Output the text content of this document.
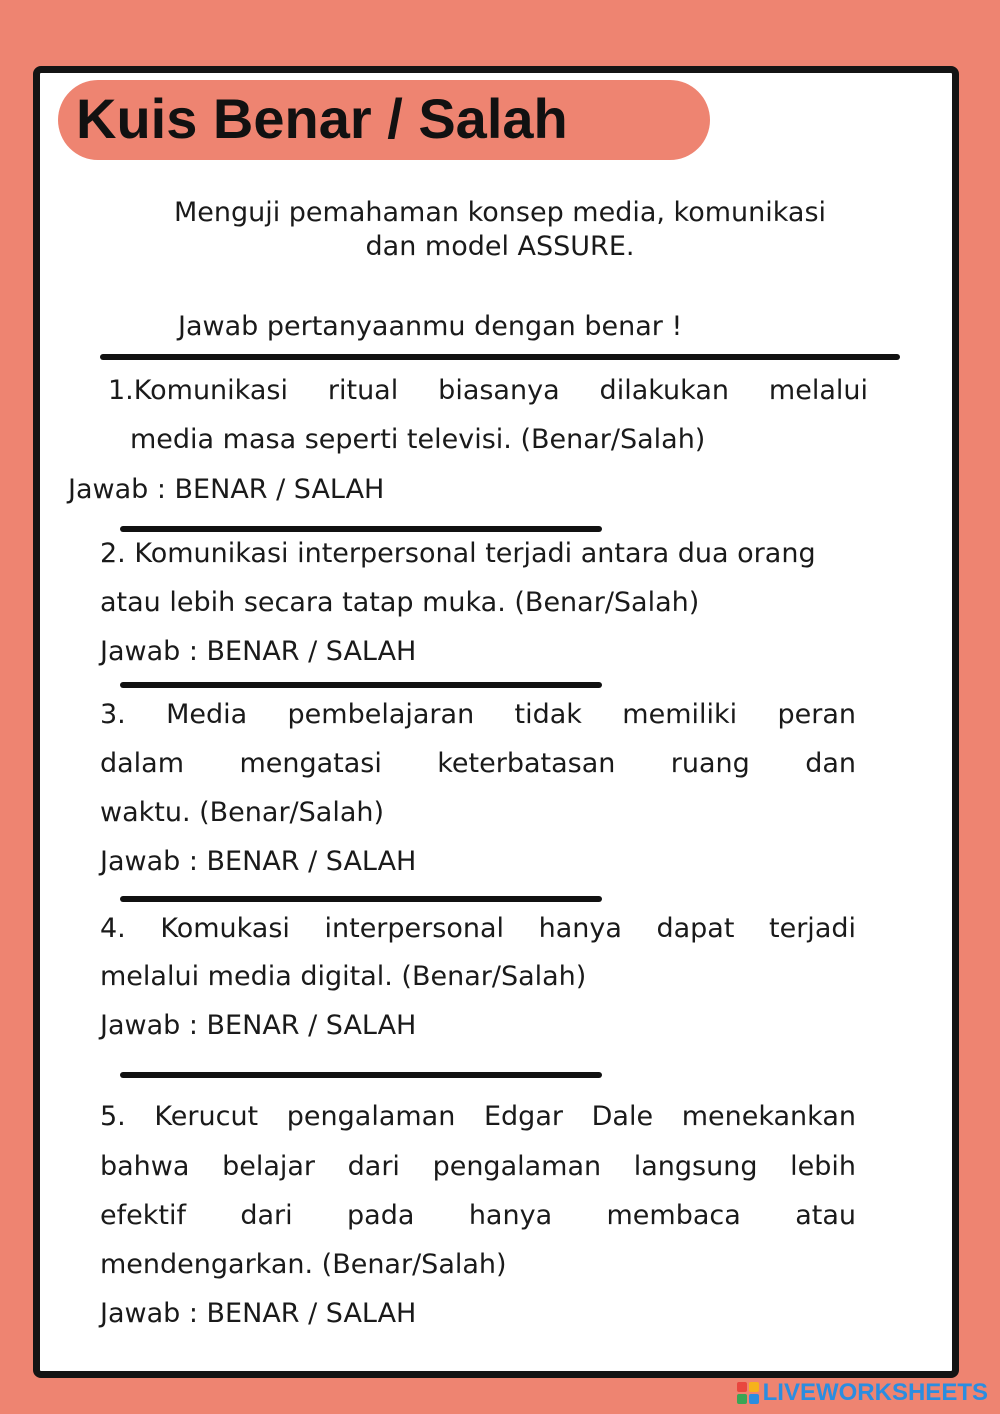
Kuis Benar / Salah
Menguji pemahaman konsep media, komunikasi
dan model ASSURE.
Jawab pertanyaanmu dengan benar !
1.Komunikasi ritual biasanya dilakukan melalui
media masa seperti televisi. (Benar/Salah)
Jawab : BENAR / SALAH
2. Komunikasi interpersonal terjadi antara dua orang
atau lebih secara tatap muka. (Benar/Salah)
Jawab : BENAR / SALAH
3. Media pembelajaran tidak memiliki peran
dalam mengatasi keterbatasan ruang dan
waktu. (Benar/Salah)
Jawab : BENAR / SALAH
4. Komukasi interpersonal hanya dapat terjadi
melalui media digital. (Benar/Salah)
Jawab : BENAR / SALAH
5. Kerucut pengalaman Edgar Dale menekankan
bahwa belajar dari pengalaman langsung lebih
efektif dari pada hanya membaca atau
mendengarkan. (Benar/Salah)
Jawab : BENAR / SALAH
LIVEWORKSHEETS
